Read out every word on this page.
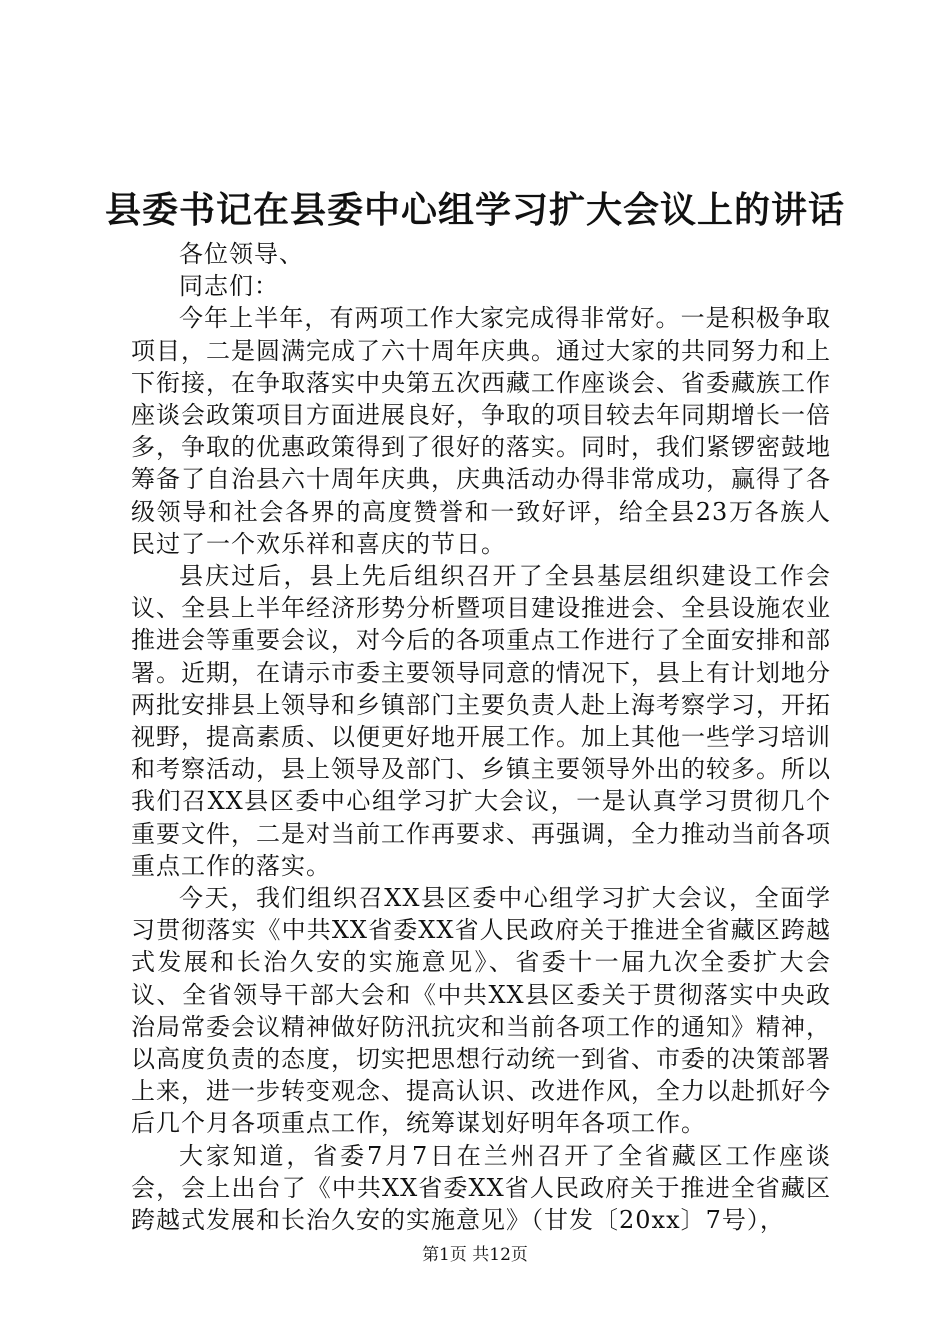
县委书记在县委中心组学习扩大会议上的讲话

各位领导、

同志们：

今年上半年，有两项工作大家完成得非常好。一是积极争取项目，二是圆满完成了六十周年庆典。通过大家的共同努力和上下衔接，在争取落实中央第五次西藏工作座谈会、省委藏族工作座谈会政策项目方面进展良好，争取的项目较去年同期增长一倍多，争取的优惠政策得到了很好的落实。同时，我们紧锣密鼓地筹备了自治县六十周年庆典，庆典活动办得非常成功，赢得了各级领导和社会各界的高度赞誉和一致好评，给全县23万各族人民过了一个欢乐祥和喜庆的节日。

县庆过后，县上先后组织召开了全县基层组织建设工作会议、全县上半年经济形势分析暨项目建设推进会、全县设施农业推进会等重要会议，对今后的各项重点工作进行了全面安排和部署。近期，在请示市委主要领导同意的情况下，县上有计划地分两批安排县上领导和乡镇部门主要负责人赴上海考察学习，开拓视野，提高素质、以便更好地开展工作。加上其他一些学习培训和考察活动，县上领导及部门、乡镇主要领导外出的较多。所以我们召XX县区委中心组学习扩大会议，一是认真学习贯彻几个重要文件，二是对当前工作再要求、再强调，全力推动当前各项重点工作的落实。

今天，我们组织召XX县区委中心组学习扩大会议，全面学习贯彻落实《中共XX省委XX省人民政府关于推进全省藏区跨越式发展和长治久安的实施意见》、省委十一届九次全委扩大会议、全省领导干部大会和《中共XX县区委关于贯彻落实中央政治局常委会议精神做好防汛抗灾和当前各项工作的通知》精神，以高度负责的态度，切实把思想行动统一到省、市委的决策部署上来，进一步转变观念、提高认识、改进作风，全力以赴抓好今后几个月各项重点工作，统筹谋划好明年各项工作。

大家知道，省委7月7日在兰州召开了全省藏区工作座谈会，会上出台了《中共XX省委XX省人民政府关于推进全省藏区跨越式发展和长治久安的实施意见》（甘发〔20xx〕7号），

第1页 共12页
